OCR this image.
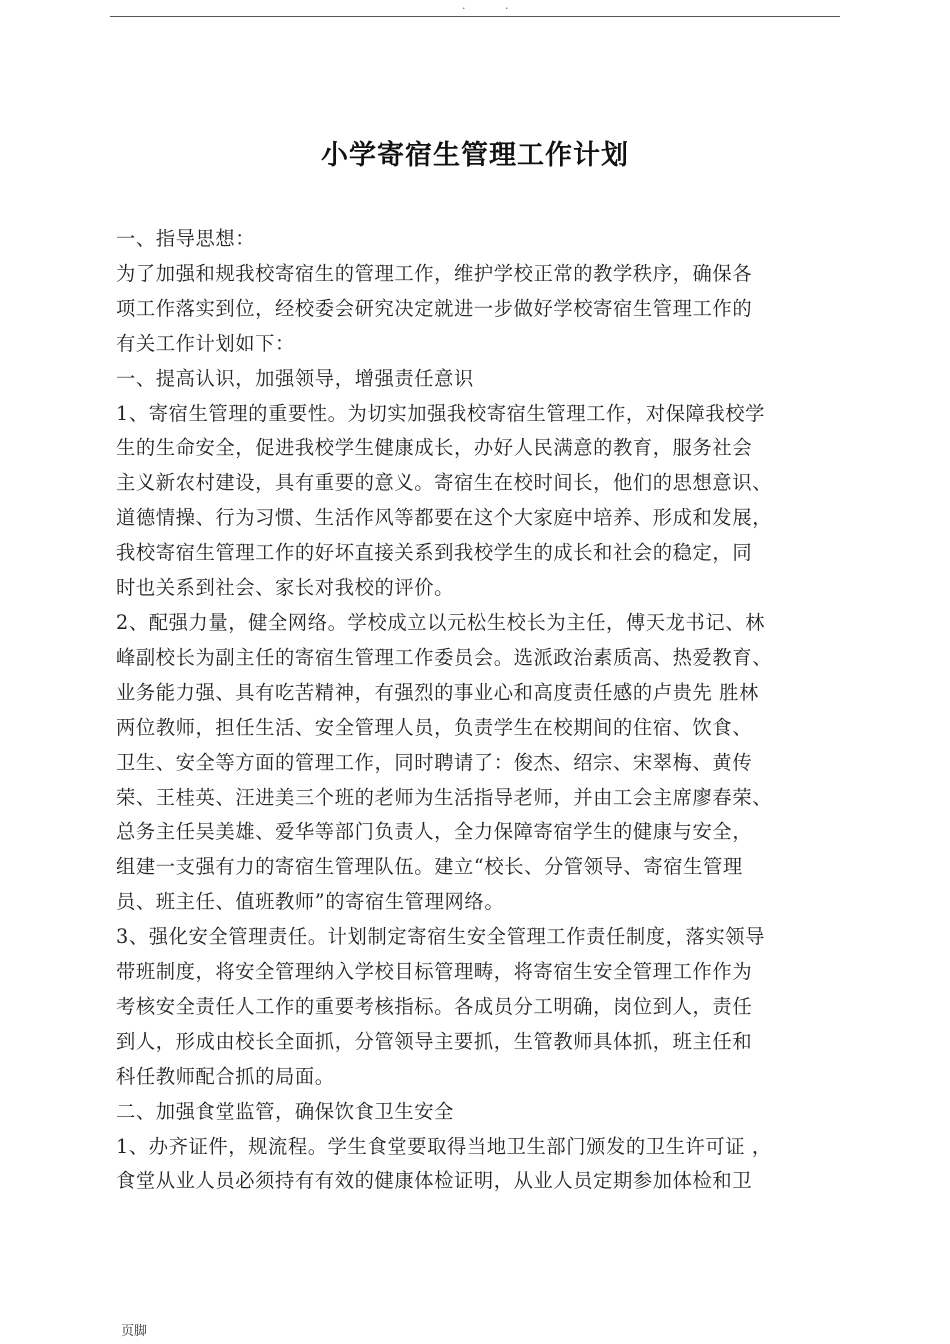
· ·
小学寄宿生管理工作计划

一、指导思想：

为了加强和规我校寄宿生的管理工作，维护学校正常的教学秩序，确保各
项工作落实到位，经校委会研究决定就进一步做好学校寄宿生管理工作的
有关工作计划如下：

一、提高认识，加强领导，增强责任意识

1、寄宿生管理的重要性。为切实加强我校寄宿生管理工作，对保障我校学
生的生命安全，促进我校学生健康成长，办好人民满意的教育，服务社会
主义新农村建设，具有重要的意义。寄宿生在校时间长，他们的思想意识、
道德情操、行为习惯、生活作风等都要在这个大家庭中培养、形成和发展，
我校寄宿生管理工作的好坏直接关系到我校学生的成长和社会的稳定，同
时也关系到社会、家长对我校的评价。

2、配强力量，健全网络。学校成立以元松生校长为主任，傅天龙书记、林
峰副校长为副主任的寄宿生管理工作委员会。选派政治素质高、热爱教育、
业务能力强、具有吃苦精神，有强烈的事业心和高度责任感的卢贵先 胜林
两位教师，担任生活、安全管理人员，负责学生在校期间的住宿、饮食、
卫生、安全等方面的管理工作，同时聘请了：俊杰、绍宗、宋翠梅、黄传
荣、王桂英、汪进美三个班的老师为生活指导老师，并由工会主席廖春荣、
总务主任吴美雄、爱华等部门负责人，全力保障寄宿学生的健康与安全，
组建一支强有力的寄宿生管理队伍。建立“校长、分管领导、寄宿生管理
员、班主任、值班教师”的寄宿生管理网络。

3、强化安全管理责任。计划制定寄宿生安全管理工作责任制度，落实领导
带班制度，将安全管理纳入学校目标管理畴，将寄宿生安全管理工作作为
考核安全责任人工作的重要考核指标。各成员分工明确，岗位到人，责任
到人，形成由校长全面抓，分管领导主要抓，生管教师具体抓，班主任和
科任教师配合抓的局面。

二、加强食堂监管，确保饮食卫生安全

1、办齐证件，规流程。学生食堂要取得当地卫生部门颁发的卫生许可证 ，
食堂从业人员必须持有有效的健康体检证明，从业人员定期参加体检和卫

页脚
